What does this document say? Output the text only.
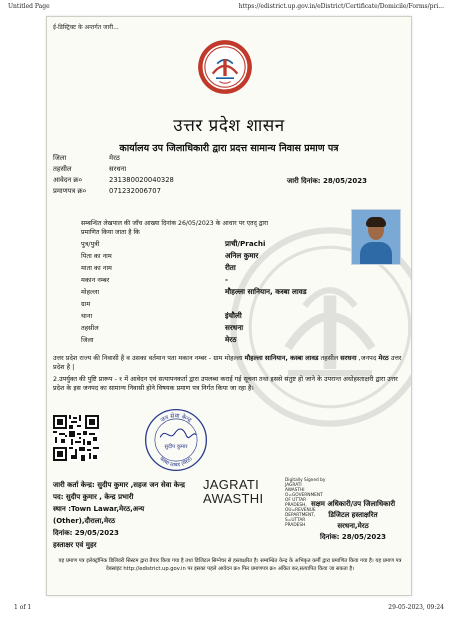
Untitled Page	https://edistrict.up.gov.in/eDistrict/Certificate/Domicile/Forms/pri...
ई-डिस्ट्रिक्ट के अन्तर्गत जारी...
उत्तर प्रदेश शासन
कार्यालय उप जिलाधिकारी द्वारा प्रदत्त सामान्य निवास प्रमाण पत्र
जिला	मेरठ
तहसील	सरधना
आवेदन क्र०	231380020040328
प्रमाणपत्र क्र०	071232006707
जारी दिनांक: 28/05/2023
सम्बन्धित लेखपाल की जाँच आख्या दिनांक 26/05/2023 के आधार पर एतद् द्वारा प्रमाणित किया जाता है कि
पुत्र/पुत्री	प्राची/Prachi
पिता का नाम	अनिल कुमार
माता का नाम	रीता
मकान नम्बर	-
मोहल्ला	मौहल्ला सानियान, कस्बा लावड
ग्राम
थाना	इंचौली
तहसील	सरधना
जिला	मेरठ
उत्तर प्रदेश राज्य की निवासी है व उसका वर्तमान पता मकान नम्बर - ग्राम मोहल्ला मौहल्ला सानियान, कस्बा लावड तहसील सरधना ,जनपद मेरठ उत्तर प्रदेश है |
2.उपर्युक्त की पुष्टि प्रारूप - १ में आवेदन एवं सत्यापनकर्ता द्वारा उपलब्ध कराई गई सूचना तथा इससे संतुष्ट हो जाने के उपरान्त अधोहस्ताक्षरी द्वारा उत्तर प्रदेश के इस जनपद का सामान्य निवासी होने विषयक प्रमाण पत्र निर्गत किया जा रहा है।
जन सेवा केन्द्र
कस्बा लावड (मेरठ)
सुदीप कुमार
जारी कर्ता केन्द्र: सुदीप कुमार ,सहज जन सेवा केन्द्र
पद: सुदीप कुमार , केन्द्र प्रभारी
स्थान :Town Lawar,मेरठ,अन्य
(Other),दौराला,मेरठ
दिनांक: 29/05/2023
हस्ताक्षर एवं मुहर
JAGRATI
AWASTHI
Digitally Signed by
JAGRATI
AWASTHI
O=GOVERNMENT
OF UTTAR
PRADESH,
OU=REVENUE
DEPARTMENT,
S=UTTAR
PRADESH
सक्षम अधिकारी/उप जिलाधिकारी
डिजिटल हस्ताक्षरित
सरधना,मेरठ
दिनांक: 28/05/2023
यह प्रमाण पत्र इलेक्ट्रॉनिक डिलिवरी सिस्टम द्वारा तैयार किया गया है तथा डिजिटल सिग्नेचर से हस्ताक्षरित है। सम्बन्धित केन्द्र के अभिकृत कर्मी द्वारा प्रमाणित किया गया है। यह प्रमाण पत्र वेबसाइट http://edistrict.up.gov.in पर इसका पहले आवेदन क्र० फिर प्रमाणपत्र क्र० अंकित कर,सत्यापित किया जा सकता है।
1 of 1	29-05-2023, 09:24
